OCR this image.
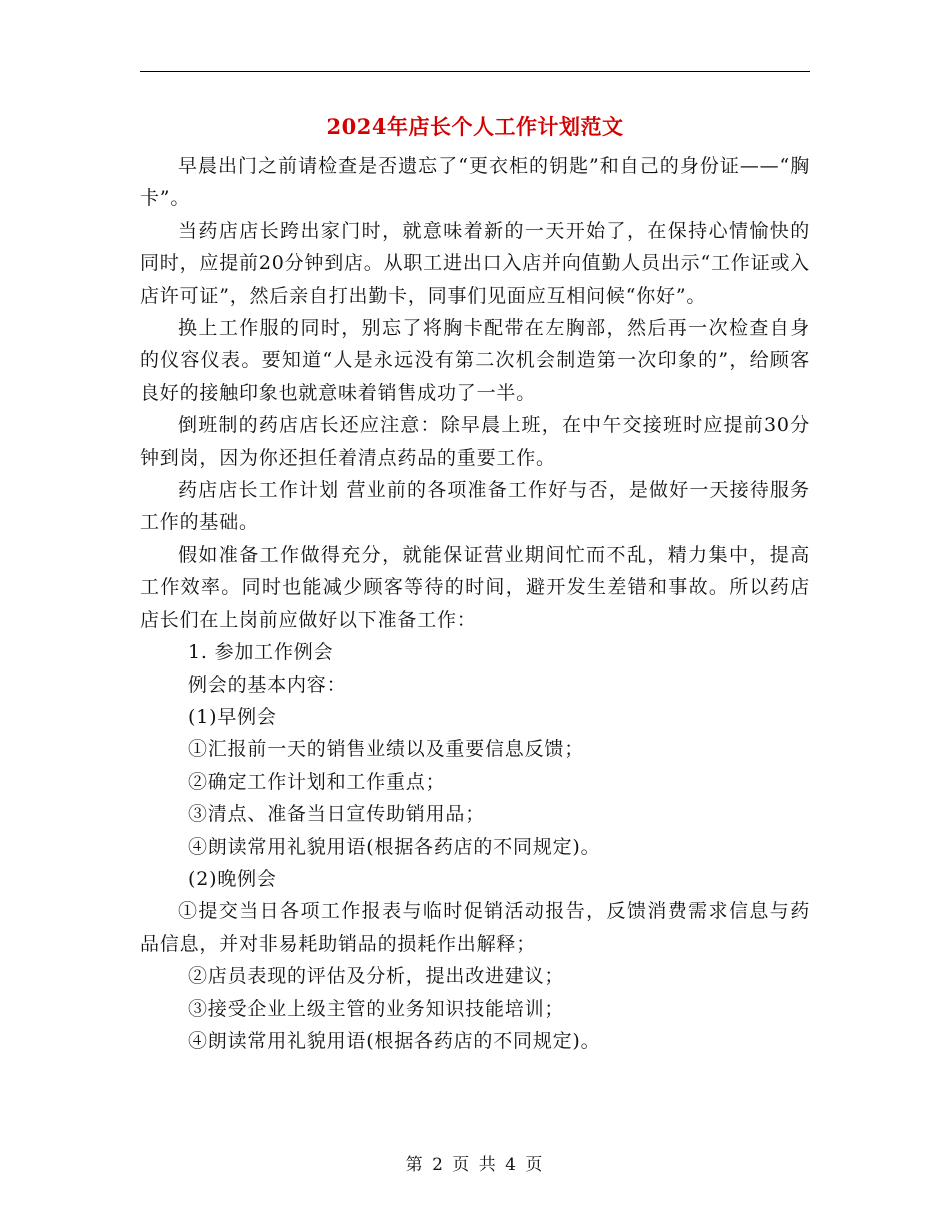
2024年店长个人工作计划范文

早晨出门之前请检查是否遗忘了“更衣柜的钥匙”和自己的身份证——“胸卡”。

当药店店长跨出家门时，就意味着新的一天开始了，在保持心情愉快的同时，应提前20分钟到店。从职工进出口入店并向值勤人员出示“工作证或入店许可证”，然后亲自打出勤卡，同事们见面应互相问候“你好”。

换上工作服的同时，别忘了将胸卡配带在左胸部，然后再一次检查自身的仪容仪表。要知道“人是永远没有第二次机会制造第一次印象的”，给顾客良好的接触印象也就意味着销售成功了一半。

倒班制的药店店长还应注意：除早晨上班，在中午交接班时应提前30分钟到岗，因为你还担任着清点药品的重要工作。

药店店长工作计划 营业前的各项准备工作好与否，是做好一天接待服务工作的基础。

假如准备工作做得充分，就能保证营业期间忙而不乱，精力集中，提高工作效率。同时也能减少顾客等待的时间，避开发生差错和事故。所以药店店长们在上岗前应做好以下准备工作：

1. 参加工作例会

例会的基本内容：

(1)早例会

①汇报前一天的销售业绩以及重要信息反馈；

②确定工作计划和工作重点；

③清点、准备当日宣传助销用品；

④朗读常用礼貌用语(根据各药店的不同规定)。

(2)晚例会

①提交当日各项工作报表与临时促销活动报告，反馈消费需求信息与药品信息，并对非易耗助销品的损耗作出解释；

②店员表现的评估及分析，提出改进建议；

③接受企业上级主管的业务知识技能培训；

④朗读常用礼貌用语(根据各药店的不同规定)。

第 2 页 共 4 页
